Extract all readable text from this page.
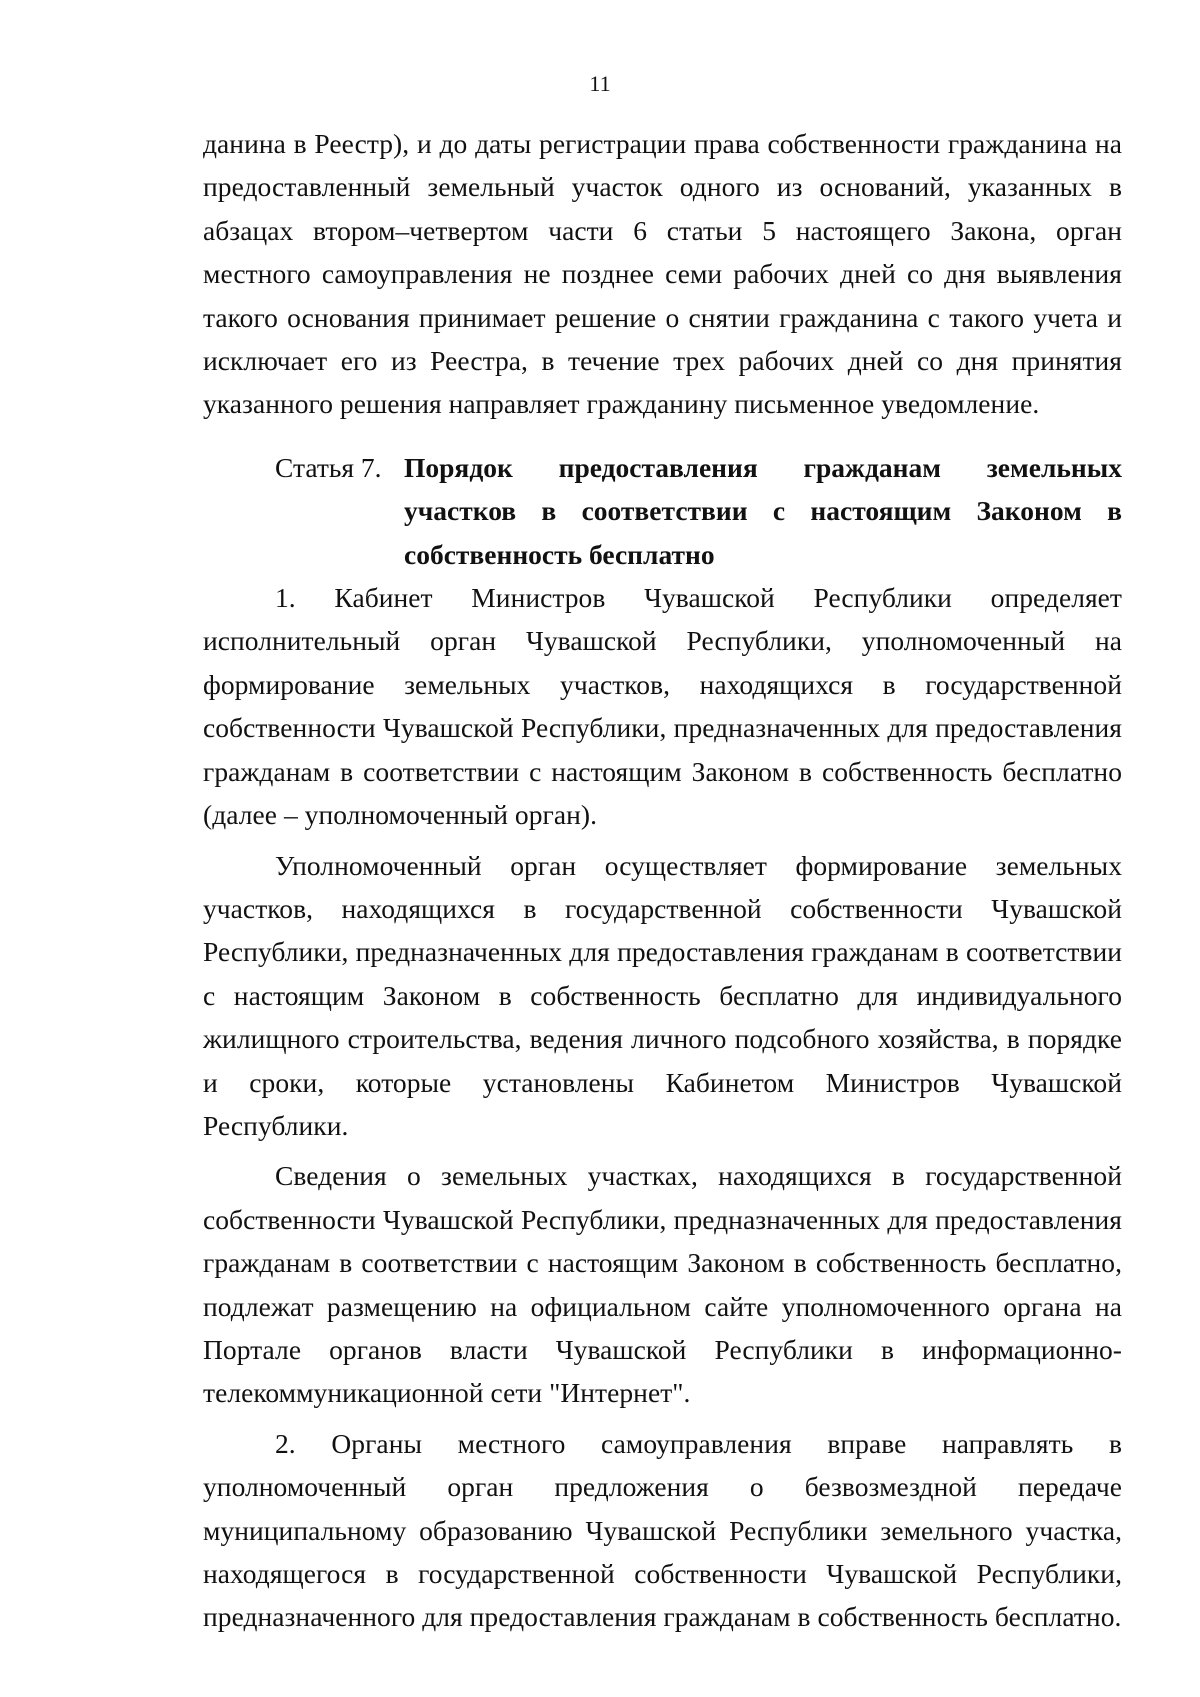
11

данина в Реестр), и до даты регистрации права собственности гражданина на предоставленный земельный участок одного из оснований, указанных в абзацах втором–четвертом части 6 статьи 5 настоящего Закона, орган местного самоуправления не позднее семи рабочих дней со дня выявления такого основания принимает решение о снятии гражданина с такого учета и исключает его из Реестра, в течение трех рабочих дней со дня принятия указанного решения направляет гражданину письменное уведомление.

Статья 7. Порядок предоставления гражданам земельных участков в соответствии с настоящим Законом в собственность бесплатно

1. Кабинет Министров Чувашской Республики определяет исполнительный орган Чувашской Республики, уполномоченный на формирование земельных участков, находящихся в государственной собственности Чувашской Республики, предназначенных для предоставления гражданам в соответствии с настоящим Законом в собственность бесплатно (далее – уполномоченный орган).

Уполномоченный орган осуществляет формирование земельных участков, находящихся в государственной собственности Чувашской Республики, предназначенных для предоставления гражданам в соответствии с настоящим Законом в собственность бесплатно для индивидуального жилищного строительства, ведения личного подсобного хозяйства, в порядке и сроки, которые установлены Кабинетом Министров Чувашской Республики.

Сведения о земельных участках, находящихся в государственной собственности Чувашской Республики, предназначенных для предоставления гражданам в соответствии с настоящим Законом в собственность бесплатно, подлежат размещению на официальном сайте уполномоченного органа на Портале органов власти Чувашской Республики в информационно-телекоммуникационной сети "Интернет".

2. Органы местного самоуправления вправе направлять в уполномоченный орган предложения о безвозмездной передаче муниципальному образованию Чувашской Республики земельного участка, находящегося в государственной собственности Чувашской Республики, предназначенного для предоставления гражданам в собственность бесплатно.
